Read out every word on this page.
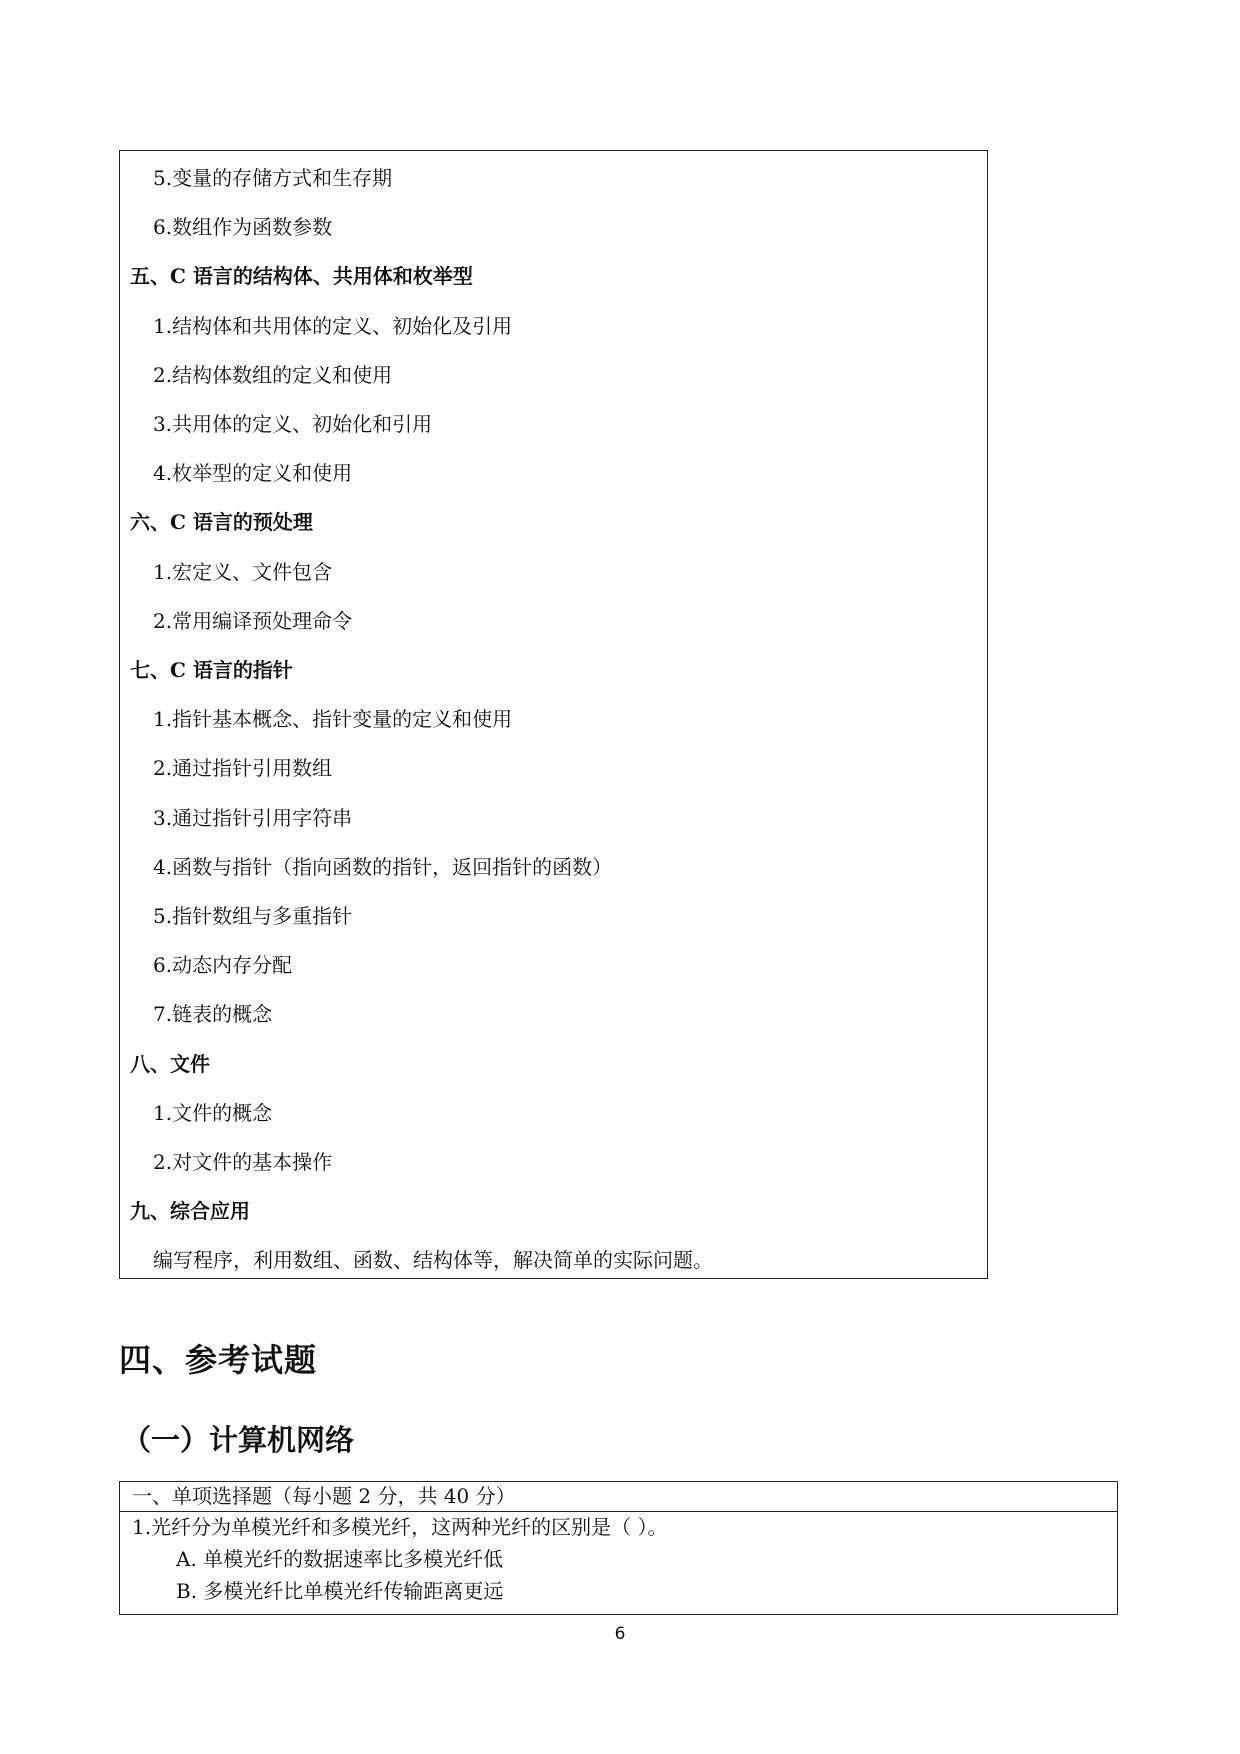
5.变量的存储方式和生存期
6.数组作为函数参数
五、C 语言的结构体、共用体和枚举型
1.结构体和共用体的定义、初始化及引用
2.结构体数组的定义和使用
3.共用体的定义、初始化和引用
4.枚举型的定义和使用
六、C 语言的预处理
1.宏定义、文件包含
2.常用编译预处理命令
七、C 语言的指针
1.指针基本概念、指针变量的定义和使用
2.通过指针引用数组
3.通过指针引用字符串
4.函数与指针（指向函数的指针，返回指针的函数）
5.指针数组与多重指针
6.动态内存分配
7.链表的概念
八、文件
1.文件的概念
2.对文件的基本操作
九、综合应用
编写程序，利用数组、函数、结构体等，解决简单的实际问题。
四、参考试题
（一）计算机网络
一、单项选择题（每小题 2 分，共 40 分）
1.光纤分为单模光纤和多模光纤，这两种光纤的区别是（ ）。
A. 单模光纤的数据速率比多模光纤低
B. 多模光纤比单模光纤传输距离更远
6
